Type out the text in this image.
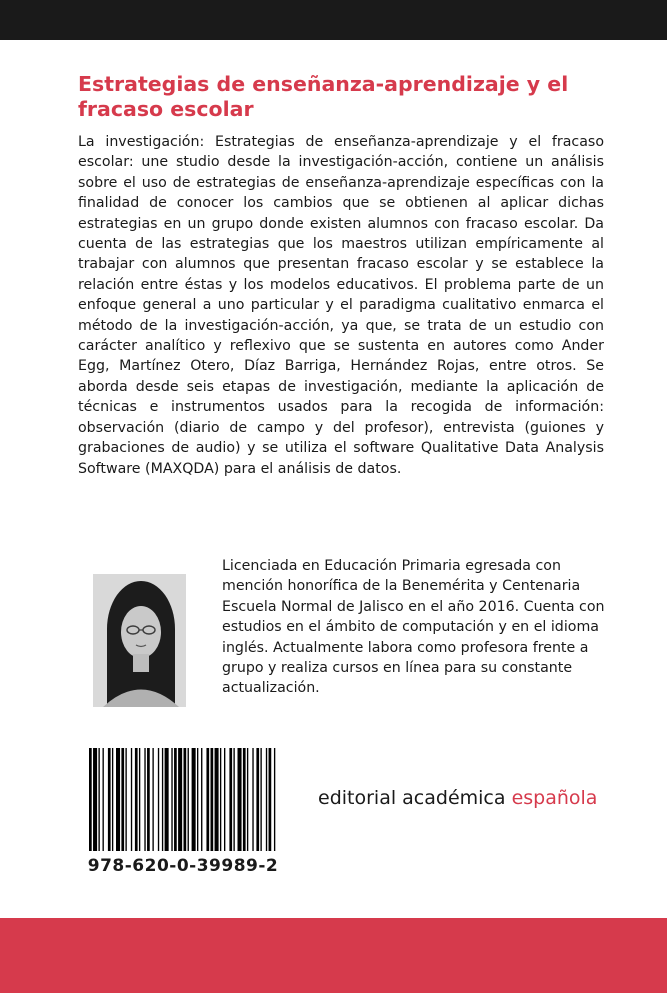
Estrategias de enseñanza-aprendizaje y el fracaso escolar

La investigación: Estrategias de enseñanza-aprendizaje y el fracaso escolar: une studio desde la investigación-acción, contiene un análisis sobre el uso de estrategias de enseñanza-aprendizaje específicas con la finalidad de conocer los cambios que se obtienen al aplicar dichas estrategias en un grupo donde existen alumnos con fracaso escolar. Da cuenta de las estrategias que los maestros utilizan empíricamente al trabajar con alumnos que presentan fracaso escolar y se establece la relación entre éstas y los modelos educativos. El problema parte de un enfoque general a uno particular y el paradigma cualitativo enmarca el método de la investigación-acción, ya que, se trata de un estudio con carácter analítico y reflexivo que se sustenta en autores como Ander Egg, Martínez Otero, Díaz Barriga, Hernández Rojas, entre otros. Se aborda desde seis etapas de investigación, mediante la aplicación de técnicas e instrumentos usados para la recogida de información: observación (diario de campo y del profesor), entrevista (guiones y grabaciones de audio) y se utiliza el software Qualitative Data Analysis Software (MAXQDA) para el análisis de datos.

Licenciada en Educación Primaria egresada con mención honorífica de la Benemérita y Centenaria Escuela Normal de Jalisco en el año 2016. Cuenta con estudios en el ámbito de computación y en el idioma inglés. Actualmente labora como profesora frente a grupo y realiza cursos en línea para su constante actualización.

978-620-0-39989-2
editorial académica española
